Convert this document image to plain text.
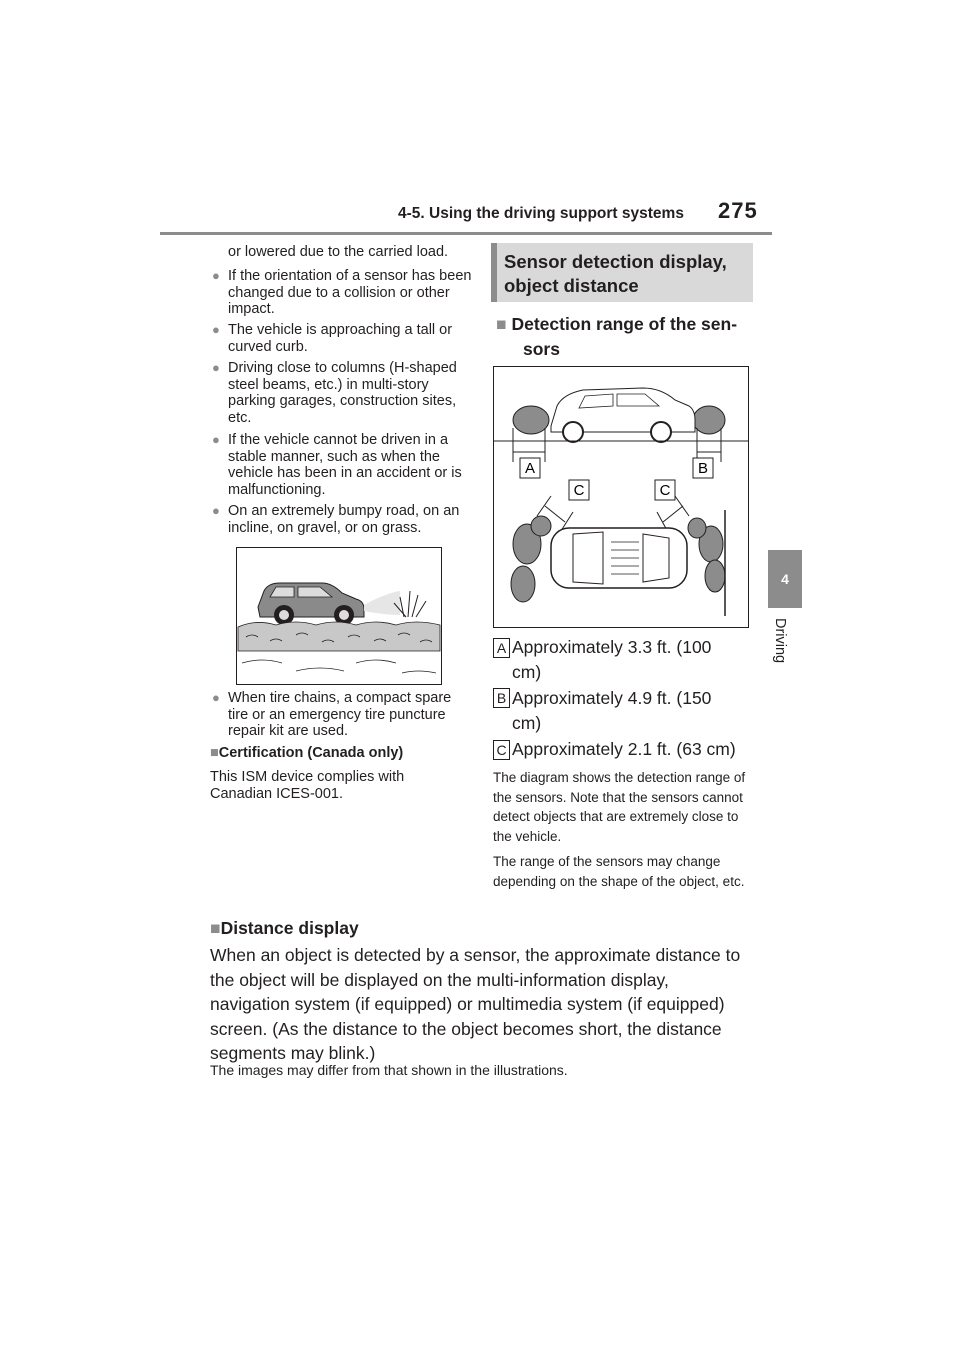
4-5. Using the driving support systems 275
4
Driving
or lowered due to the carried load.
● If the orientation of a sensor has been changed due to a collision or other impact.
● The vehicle is approaching a tall or curved curb.
● Driving close to columns (H-shaped steel beams, etc.) in multi-story parking garages, construction sites, etc.
● If the vehicle cannot be driven in a stable manner, such as when the vehicle has been in an accident or is malfunctioning.
● On an extremely bumpy road, on an incline, on gravel, or on grass.
● When tire chains, a compact spare tire or an emergency tire puncture repair kit are used.
■Certification (Canada only)
This ISM device complies with Canadian ICES-001.
Sensor detection display,
object distance
■ Detection range of the sen-
sors
A	B
C	C
A Approximately 3.3 ft. (100
cm)
B Approximately 4.9 ft. (150
cm)
C Approximately 2.1 ft. (63 cm)
The diagram shows the detection range of the sensors. Note that the sensors cannot detect objects that are extremely close to the vehicle.
The range of the sensors may change depending on the shape of the object, etc.
■Distance display
When an object is detected by a sensor, the approximate distance to the object will be displayed on the multi-information display, navigation system (if equipped) or multimedia system (if equipped) screen. (As the distance to the object becomes short, the distance segments may blink.)
The images may differ from that shown in the illustrations.
